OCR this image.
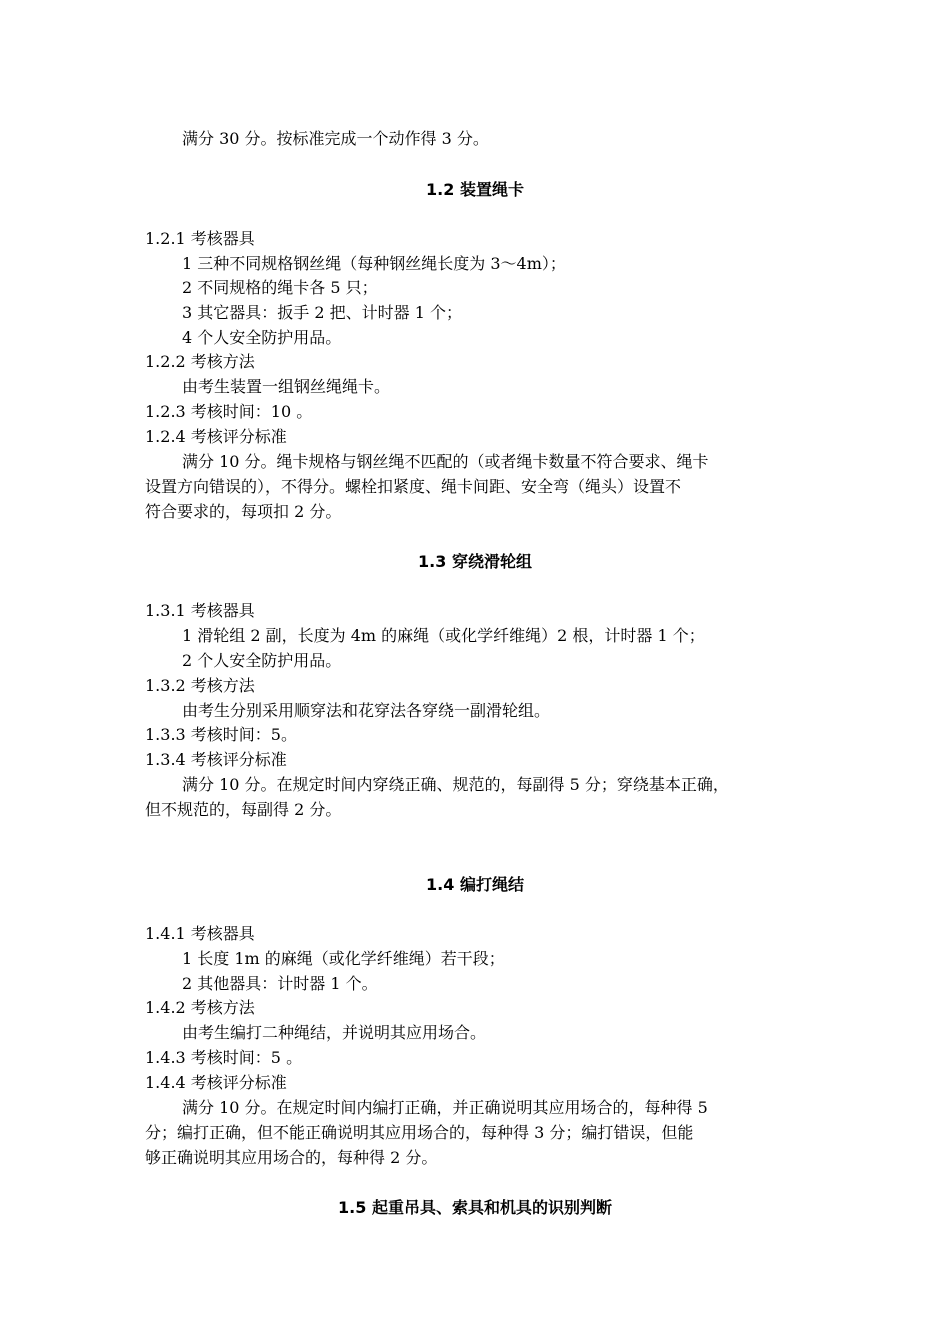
满分 30 分。按标准完成一个动作得 3 分。
1.2 装置绳卡
1.2.1 考核器具
1 三种不同规格钢丝绳（每种钢丝绳长度为 3～4m）；
2 不同规格的绳卡各 5 只；
3 其它器具：扳手 2 把、计时器 1 个；
4 个人安全防护用品。
1.2.2 考核方法
由考生装置一组钢丝绳绳卡。
1.2.3 考核时间：10 。
1.2.4 考核评分标准
满分 10 分。绳卡规格与钢丝绳不匹配的（或者绳卡数量不符合要求、绳卡
设置方向错误的），不得分。螺栓扣紧度、绳卡间距、安全弯（绳头）设置不
符合要求的，每项扣 2 分。
1.3 穿绕滑轮组
1.3.1 考核器具
1 滑轮组 2 副，长度为 4m 的麻绳（或化学纤维绳）2 根，计时器 1 个；
2 个人安全防护用品。
1.3.2 考核方法
由考生分别采用顺穿法和花穿法各穿绕一副滑轮组。
1.3.3 考核时间：5。
1.3.4 考核评分标准
满分 10 分。在规定时间内穿绕正确、规范的，每副得 5 分；穿绕基本正确，
但不规范的，每副得 2 分。
1.4 编打绳结
1.4.1 考核器具
1 长度 1m 的麻绳（或化学纤维绳）若干段；
2 其他器具：计时器 1 个。
1.4.2 考核方法
由考生编打二种绳结，并说明其应用场合。
1.4.3 考核时间：5 。
1.4.4 考核评分标准
满分 10 分。在规定时间内编打正确，并正确说明其应用场合的，每种得 5
分；编打正确，但不能正确说明其应用场合的，每种得 3 分；编打错误，但能
够正确说明其应用场合的，每种得 2 分。
1.5 起重吊具、索具和机具的识别判断
